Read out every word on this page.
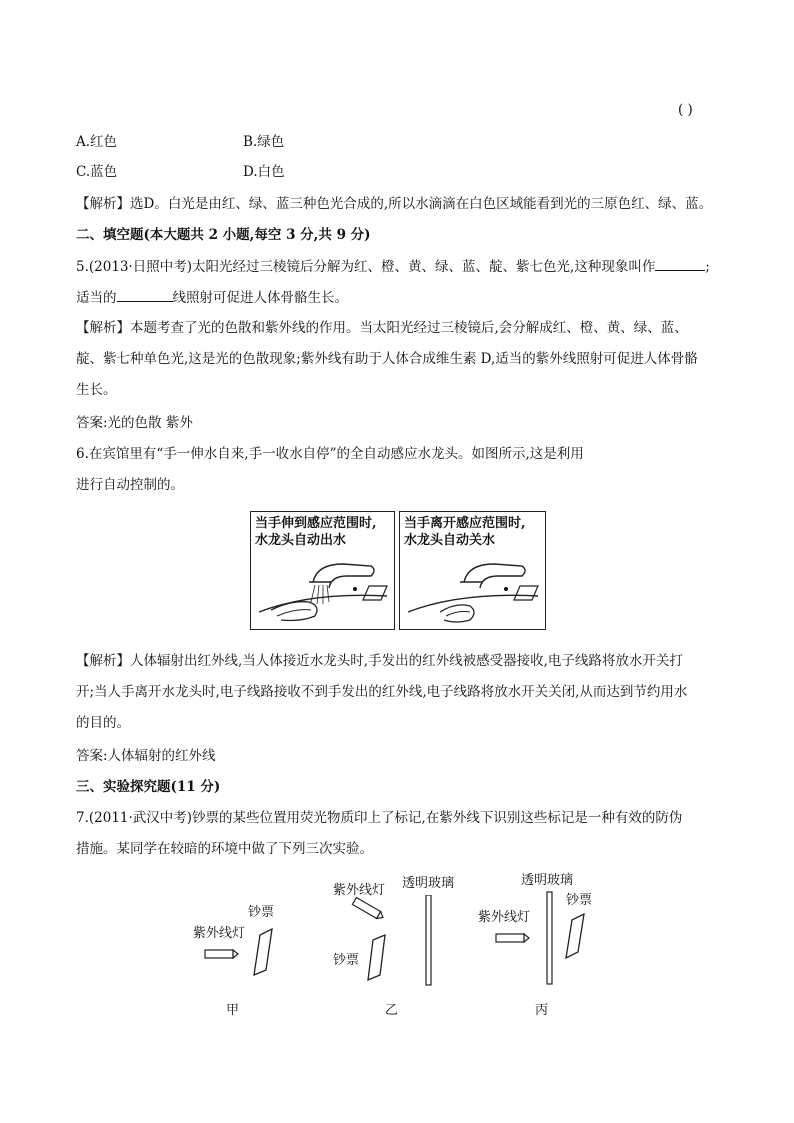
( )
A.红色	B.绿色
C.蓝色	D.白色
【解析】选D。白光是由红、绿、蓝三种色光合成的,所以水滴滴在白色区域能看到光的三原色红、绿、蓝。
二、填空题(本大题共 2 小题,每空 3 分,共 9 分)
5.(2013·日照中考)太阳光经过三棱镜后分解为红、橙、黄、绿、蓝、靛、紫七色光,这种现象叫作	;
适当的	线照射可促进人体骨骼生长。
【解析】本题考查了光的色散和紫外线的作用。当太阳光经过三棱镜后,会分解成红、橙、黄、绿、蓝、
靛、紫七种单色光,这是光的色散现象;紫外线有助于人体合成维生素 D,适当的紫外线照射可促进人体骨骼
生长。
答案:光的色散 紫外
6.在宾馆里有“手一伸水自来,手一收水自停”的全自动感应水龙头。如图所示,这是利用
进行自动控制的。
当手伸到感应范围时,
水龙头自动出水
当手离开感应范围时,
水龙头自动关水
【解析】人体辐射出红外线,当人体接近水龙头时,手发出的红外线被感受器接收,电子线路将放水开关打
开;当人手离开水龙头时,电子线路接收不到手发出的红外线,电子线路将放水开关关闭,从而达到节约用水
的目的。
答案:人体辐射的红外线
三、实验探究题(11 分)
7.(2011·武汉中考)钞票的某些位置用荧光物质印上了标记,在紫外线下识别这些标记是一种有效的防伪
措施。某同学在较暗的环境中做了下列三次实验。
钞票
紫外线灯
甲
紫外线灯 透明玻璃
钞票
乙
透明玻璃
钞票
紫外线灯
丙
